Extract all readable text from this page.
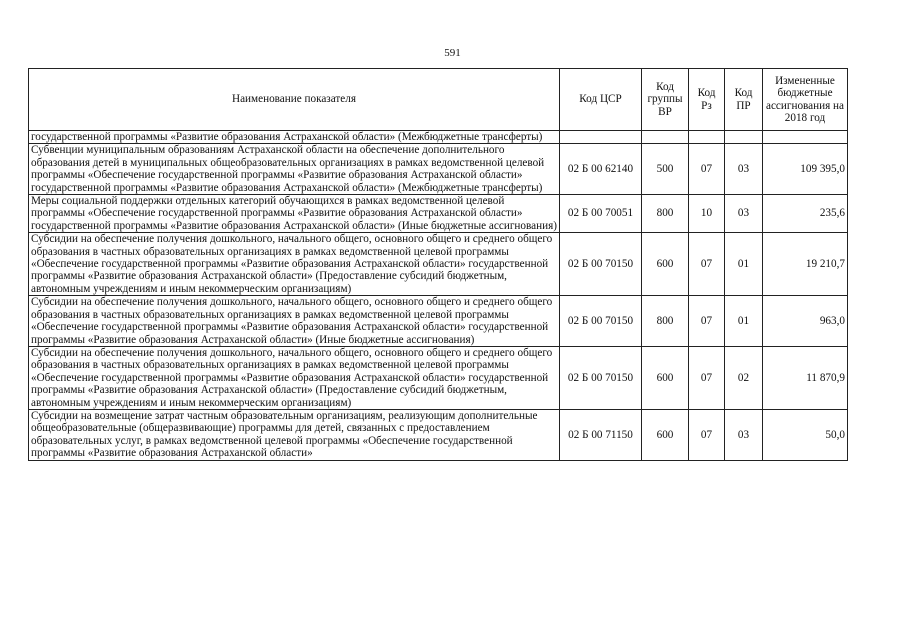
591
Наименование показателя	Код ЦСР	Код группы ВР	Код Рз	Код ПР	Измененные бюджетные ассигнования на 2018 год
государственной программы «Развитие образования Астраханской области» (Межбюджетные трансферты)					
Субвенции муниципальным образованиям Астраханской области на обеспечение дополнительного образования детей в муниципальных общеобразовательных организациях в рамках ведомственной целевой программы «Обеспечение государственной программы «Развитие образования Астраханской области» государственной программы «Развитие образования Астраханской области» (Межбюджетные трансферты)	02 Б 00 62140	500	07	03	109 395,0
Меры социальной поддержки отдельных категорий обучающихся в рамках ведомственной целевой программы «Обеспечение государственной программы «Развитие образования Астраханской области» государственной программы «Развитие образования Астраханской области» (Иные бюджетные ассигнования)	02 Б 00 70051	800	10	03	235,6
Субсидии на обеспечение получения дошкольного, начального общего, основного общего и среднего общего образования в частных образовательных организациях в рамках ведомственной целевой программы «Обеспечение государственной программы «Развитие образования Астраханской области» государственной программы «Развитие образования Астраханской области» (Предоставление субсидий бюджетным, автономным учреждениям и иным некоммерческим организациям)	02 Б 00 70150	600	07	01	19 210,7
Субсидии на обеспечение получения дошкольного, начального общего, основного общего и среднего общего образования в частных образовательных организациях в рамках ведомственной целевой программы «Обеспечение государственной программы «Развитие образования Астраханской области» государственной программы «Развитие образования Астраханской области» (Иные бюджетные ассигнования)	02 Б 00 70150	800	07	01	963,0
Субсидии на обеспечение получения дошкольного, начального общего, основного общего и среднего общего образования в частных образовательных организациях в рамках ведомственной целевой программы «Обеспечение государственной программы «Развитие образования Астраханской области» государственной программы «Развитие образования Астраханской области» (Предоставление субсидий бюджетным, автономным учреждениям и иным некоммерческим организациям)	02 Б 00 70150	600	07	02	11 870,9
Субсидии на возмещение затрат частным образовательным организациям, реализующим дополнительные общеобразовательные (общеразвивающие) программы для детей, связанных с предоставлением образовательных услуг, в рамках ведомственной целевой программы «Обеспечение государственной программы «Развитие образования Астраханской области»	02 Б 00 71150	600	07	03	50,0
